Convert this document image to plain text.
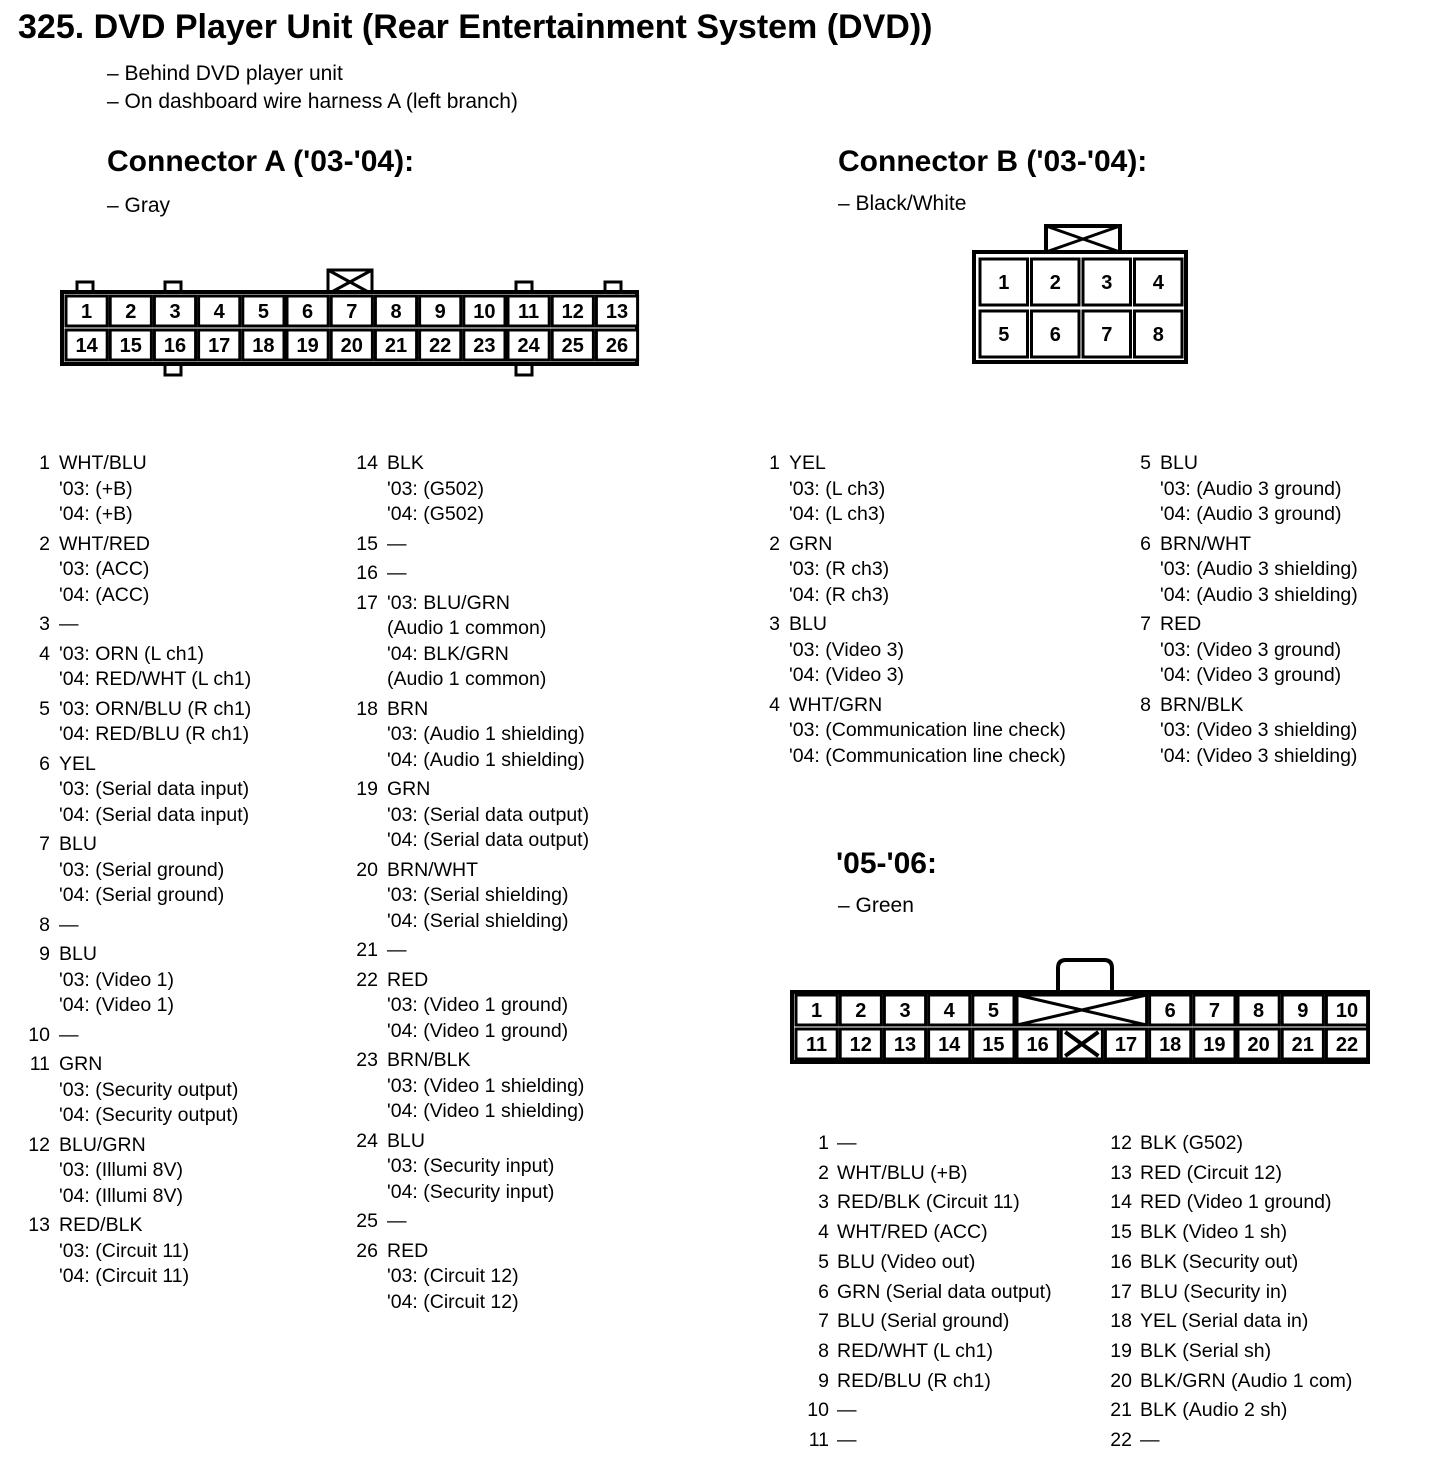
325. DVD Player Unit (Rear Entertainment System (DVD))
– Behind DVD player unit
– On dashboard wire harness A (left branch)
Connector A ('03-'04):
– Gray
Connector B ('03-'04):
– Black/White
'05-'06:
– Green
1 2 3 4 5 6 7 8 9 10 11 12 13
14 15 16 17 18 19 20 21 22 23 24 25 26
1 2 3 4
5 6 7 8
1 2 3 4 5	6 7 8 9 10
11 12 13 14 15 16	17 18 19 20 21 22
1 WHT/BLU
'03: (+B)
'04: (+B)
2 WHT/RED
'03: (ACC)
'04: (ACC)
3 —
4 '03: ORN (L ch1)
'04: RED/WHT (L ch1)
5 '03: ORN/BLU (R ch1)
'04: RED/BLU (R ch1)
6 YEL
'03: (Serial data input)
'04: (Serial data input)
7 BLU
'03: (Serial ground)
'04: (Serial ground)
8 —
9 BLU
'03: (Video 1)
'04: (Video 1)
10 —
11 GRN
'03: (Security output)
'04: (Security output)
12 BLU/GRN
'03: (Illumi 8V)
'04: (Illumi 8V)
13 RED/BLK
'03: (Circuit 11)
'04: (Circuit 11)
14 BLK
'03: (G502)
'04: (G502)
15 —
16 —
17 '03: BLU/GRN
(Audio 1 common)
'04: BLK/GRN
(Audio 1 common)
18 BRN
'03: (Audio 1 shielding)
'04: (Audio 1 shielding)
19 GRN
'03: (Serial data output)
'04: (Serial data output)
20 BRN/WHT
'03: (Serial shielding)
'04: (Serial shielding)
21 —
22 RED
'03: (Video 1 ground)
'04: (Video 1 ground)
23 BRN/BLK
'03: (Video 1 shielding)
'04: (Video 1 shielding)
24 BLU
'03: (Security input)
'04: (Security input)
25 —
26 RED
'03: (Circuit 12)
'04: (Circuit 12)
1 YEL
'03: (L ch3)
'04: (L ch3)
2 GRN
'03: (R ch3)
'04: (R ch3)
3 BLU
'03: (Video 3)
'04: (Video 3)
4 WHT/GRN
'03: (Communication line check)
'04: (Communication line check)
5 BLU
'03: (Audio 3 ground)
'04: (Audio 3 ground)
6 BRN/WHT
'03: (Audio 3 shielding)
'04: (Audio 3 shielding)
7 RED
'03: (Video 3 ground)
'04: (Video 3 ground)
8 BRN/BLK
'03: (Video 3 shielding)
'04: (Video 3 shielding)
1 —
2 WHT/BLU (+B)
3 RED/BLK (Circuit 11)
4 WHT/RED (ACC)
5 BLU (Video out)
6 GRN (Serial data output)
7 BLU (Serial ground)
8 RED/WHT (L ch1)
9 RED/BLU (R ch1)
10 —
11 —
12 BLK (G502)
13 RED (Circuit 12)
14 RED (Video 1 ground)
15 BLK (Video 1 sh)
16 BLK (Security out)
17 BLU (Security in)
18 YEL (Serial data in)
19 BLK (Serial sh)
20 BLK/GRN (Audio 1 com)
21 BLK (Audio 2 sh)
22 —
